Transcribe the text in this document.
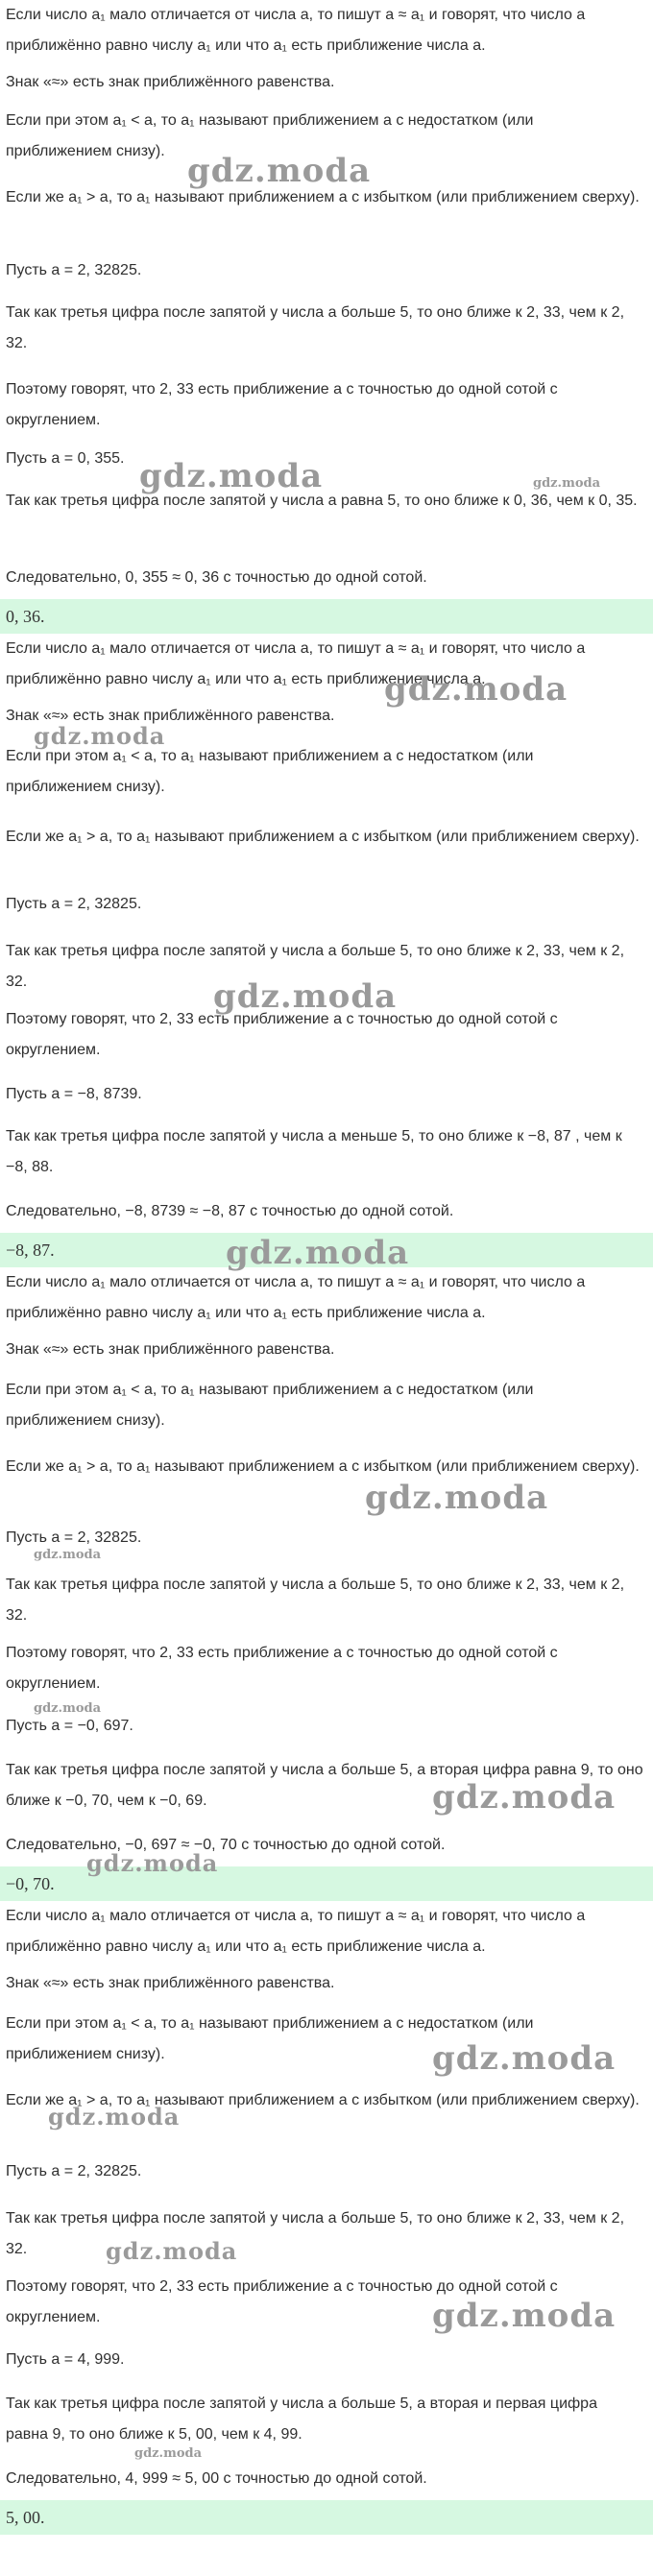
Если число a₁ мало отличается от числа a, то пишут a ≈ a₁ и говорят, что число a приближённо равно числу a₁ или что a₁ есть приближение числа a.

Знак «≈» есть знак приближённого равенства.

Если при этом a₁ < a, то a₁ называют приближением a с недостатком (или приближением снизу).

Если же a₁ > a, то a₁ называют приближением a с избытком (или приближением сверху).

Пусть a = 2, 32825.

Так как третья цифра после запятой у числа a больше 5, то оно ближе к 2, 33, чем к 2, 32.

Поэтому говорят, что 2, 33 есть приближение a с точностью до одной сотой с округлением.

Пусть a = 0, 355.

Так как третья цифра после запятой у числа a равна 5, то оно ближе к 0, 36, чем к 0, 35.

Следовательно, 0, 355 ≈ 0, 36 с точностью до одной сотой.

0, 36.

Если число a₁ мало отличается от числа a, то пишут a ≈ a₁ и говорят, что число a приближённо равно числу a₁ или что a₁ есть приближение числа a.

Знак «≈» есть знак приближённого равенства.

Если при этом a₁ < a, то a₁ называют приближением a с недостатком (или приближением снизу).

Если же a₁ > a, то a₁ называют приближением a с избытком (или приближением сверху).

Пусть a = 2, 32825.

Так как третья цифра после запятой у числа a больше 5, то оно ближе к 2, 33, чем к 2, 32.

Поэтому говорят, что 2, 33 есть приближение a с точностью до одной сотой с округлением.

Пусть a = −8, 8739.

Так как третья цифра после запятой у числа a меньше 5, то оно ближе к −8, 87 , чем к −8, 88.

Следовательно, −8, 8739 ≈ −8, 87 с точностью до одной сотой.

−8, 87.

Если число a₁ мало отличается от числа a, то пишут a ≈ a₁ и говорят, что число a приближённо равно числу a₁ или что a₁ есть приближение числа a.

Знак «≈» есть знак приближённого равенства.

Если при этом a₁ < a, то a₁ называют приближением a с недостатком (или приближением снизу).

Если же a₁ > a, то a₁ называют приближением a с избытком (или приближением сверху).

Пусть a = 2, 32825.

Так как третья цифра после запятой у числа a больше 5, то оно ближе к 2, 33, чем к 2, 32.

Поэтому говорят, что 2, 33 есть приближение a с точностью до одной сотой с округлением.

Пусть a = −0, 697.

Так как третья цифра после запятой у числа a больше 5, а вторая цифра равна 9, то оно ближе к −0, 70, чем к −0, 69.

Следовательно, −0, 697 ≈ −0, 70 с точностью до одной сотой.

−0, 70.

Если число a₁ мало отличается от числа a, то пишут a ≈ a₁ и говорят, что число a приближённо равно числу a₁ или что a₁ есть приближение числа a.

Знак «≈» есть знак приближённого равенства.

Если при этом a₁ < a, то a₁ называют приближением a с недостатком (или приближением снизу).

Если же a₁ > a, то a₁ называют приближением a с избытком (или приближением сверху).

Пусть a = 2, 32825.

Так как третья цифра после запятой у числа a больше 5, то оно ближе к 2, 33, чем к 2, 32.

Поэтому говорят, что 2, 33 есть приближение a с точностью до одной сотой с округлением.

Пусть a = 4, 999.

Так как третья цифра после запятой у числа a больше 5, а вторая и первая цифра равна 9, то оно ближе к 5, 00, чем к 4, 99.

Следовательно, 4, 999 ≈ 5, 00 с точностью до одной сотой.

5, 00.
gdz.moda
gdz.moda	gdz.moda
gdz.moda
gdz.moda
gdz.moda
gdz.moda
gdz.moda
gdz.moda
gdz.moda
gdz.moda
gdz.moda
gdz.moda
gdz.moda
gdz.moda
gdz.moda
gdz.moda
